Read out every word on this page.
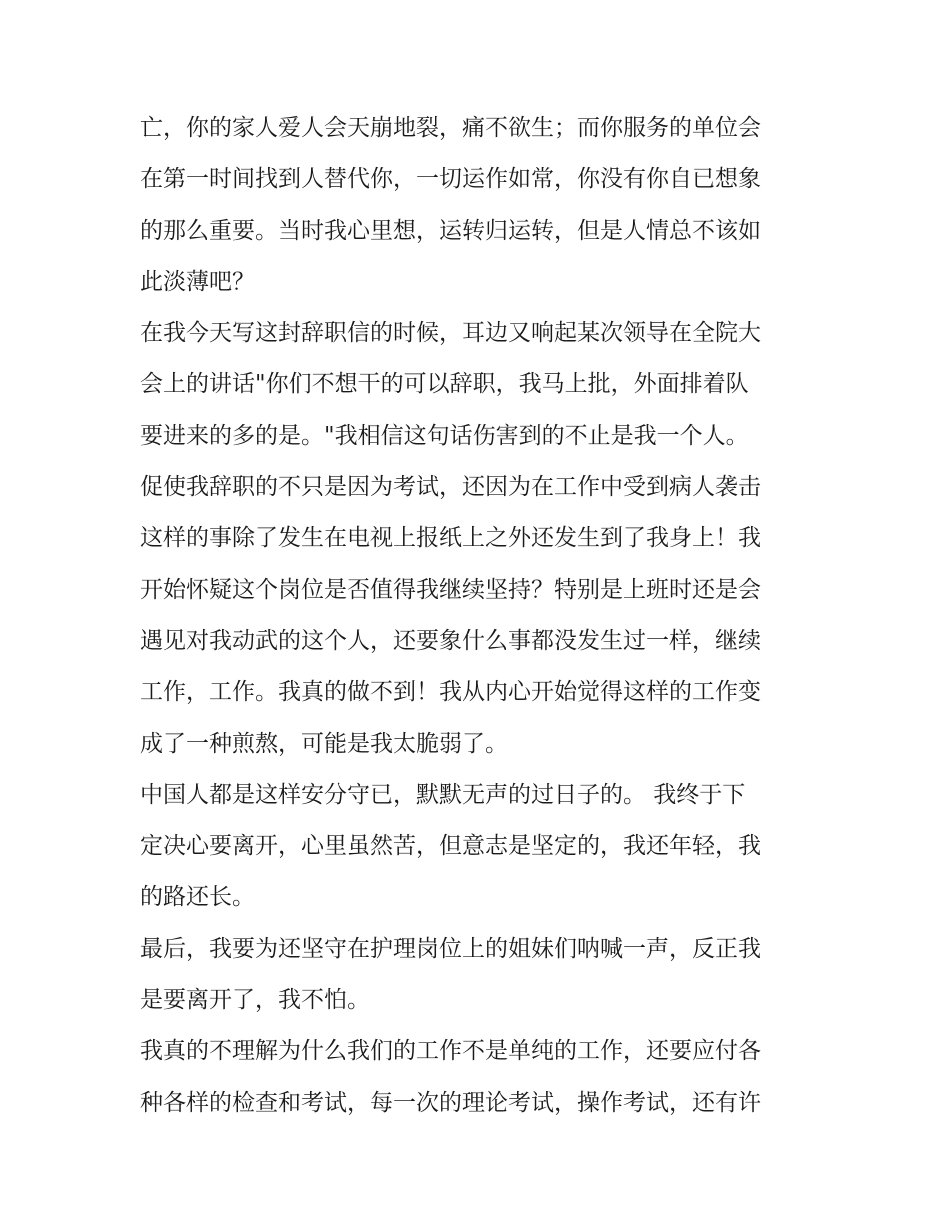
亡，你的家人爱人会天崩地裂，痛不欲生；而你服务的单位会
在第一时间找到人替代你，一切运作如常，你没有你自已想象
的那么重要。当时我心里想，运转归运转，但是人情总不该如
此淡薄吧？
在我今天写这封辞职信的时候，耳边又响起某次领导在全院大
会上的讲话"你们不想干的可以辞职，我马上批，外面排着队
要进来的多的是。"我相信这句话伤害到的不止是我一个人。
促使我辞职的不只是因为考试，还因为在工作中受到病人袭击
这样的事除了发生在电视上报纸上之外还发生到了我身上！我
开始怀疑这个岗位是否值得我继续坚持？特别是上班时还是会
遇见对我动武的这个人，还要象什么事都没发生过一样，继续
工作，工作。我真的做不到！我从内心开始觉得这样的工作变
成了一种煎熬，可能是我太脆弱了。
中国人都是这样安分守已，默默无声的过日子的。 我终于下
定决心要离开，心里虽然苦，但意志是坚定的，我还年轻，我
的路还长。
最后，我要为还坚守在护理岗位上的姐妹们呐喊一声，反正我
是要离开了，我不怕。
我真的不理解为什么我们的工作不是单纯的工作，还要应付各
种各样的检查和考试，每一次的理论考试，操作考试，还有许
